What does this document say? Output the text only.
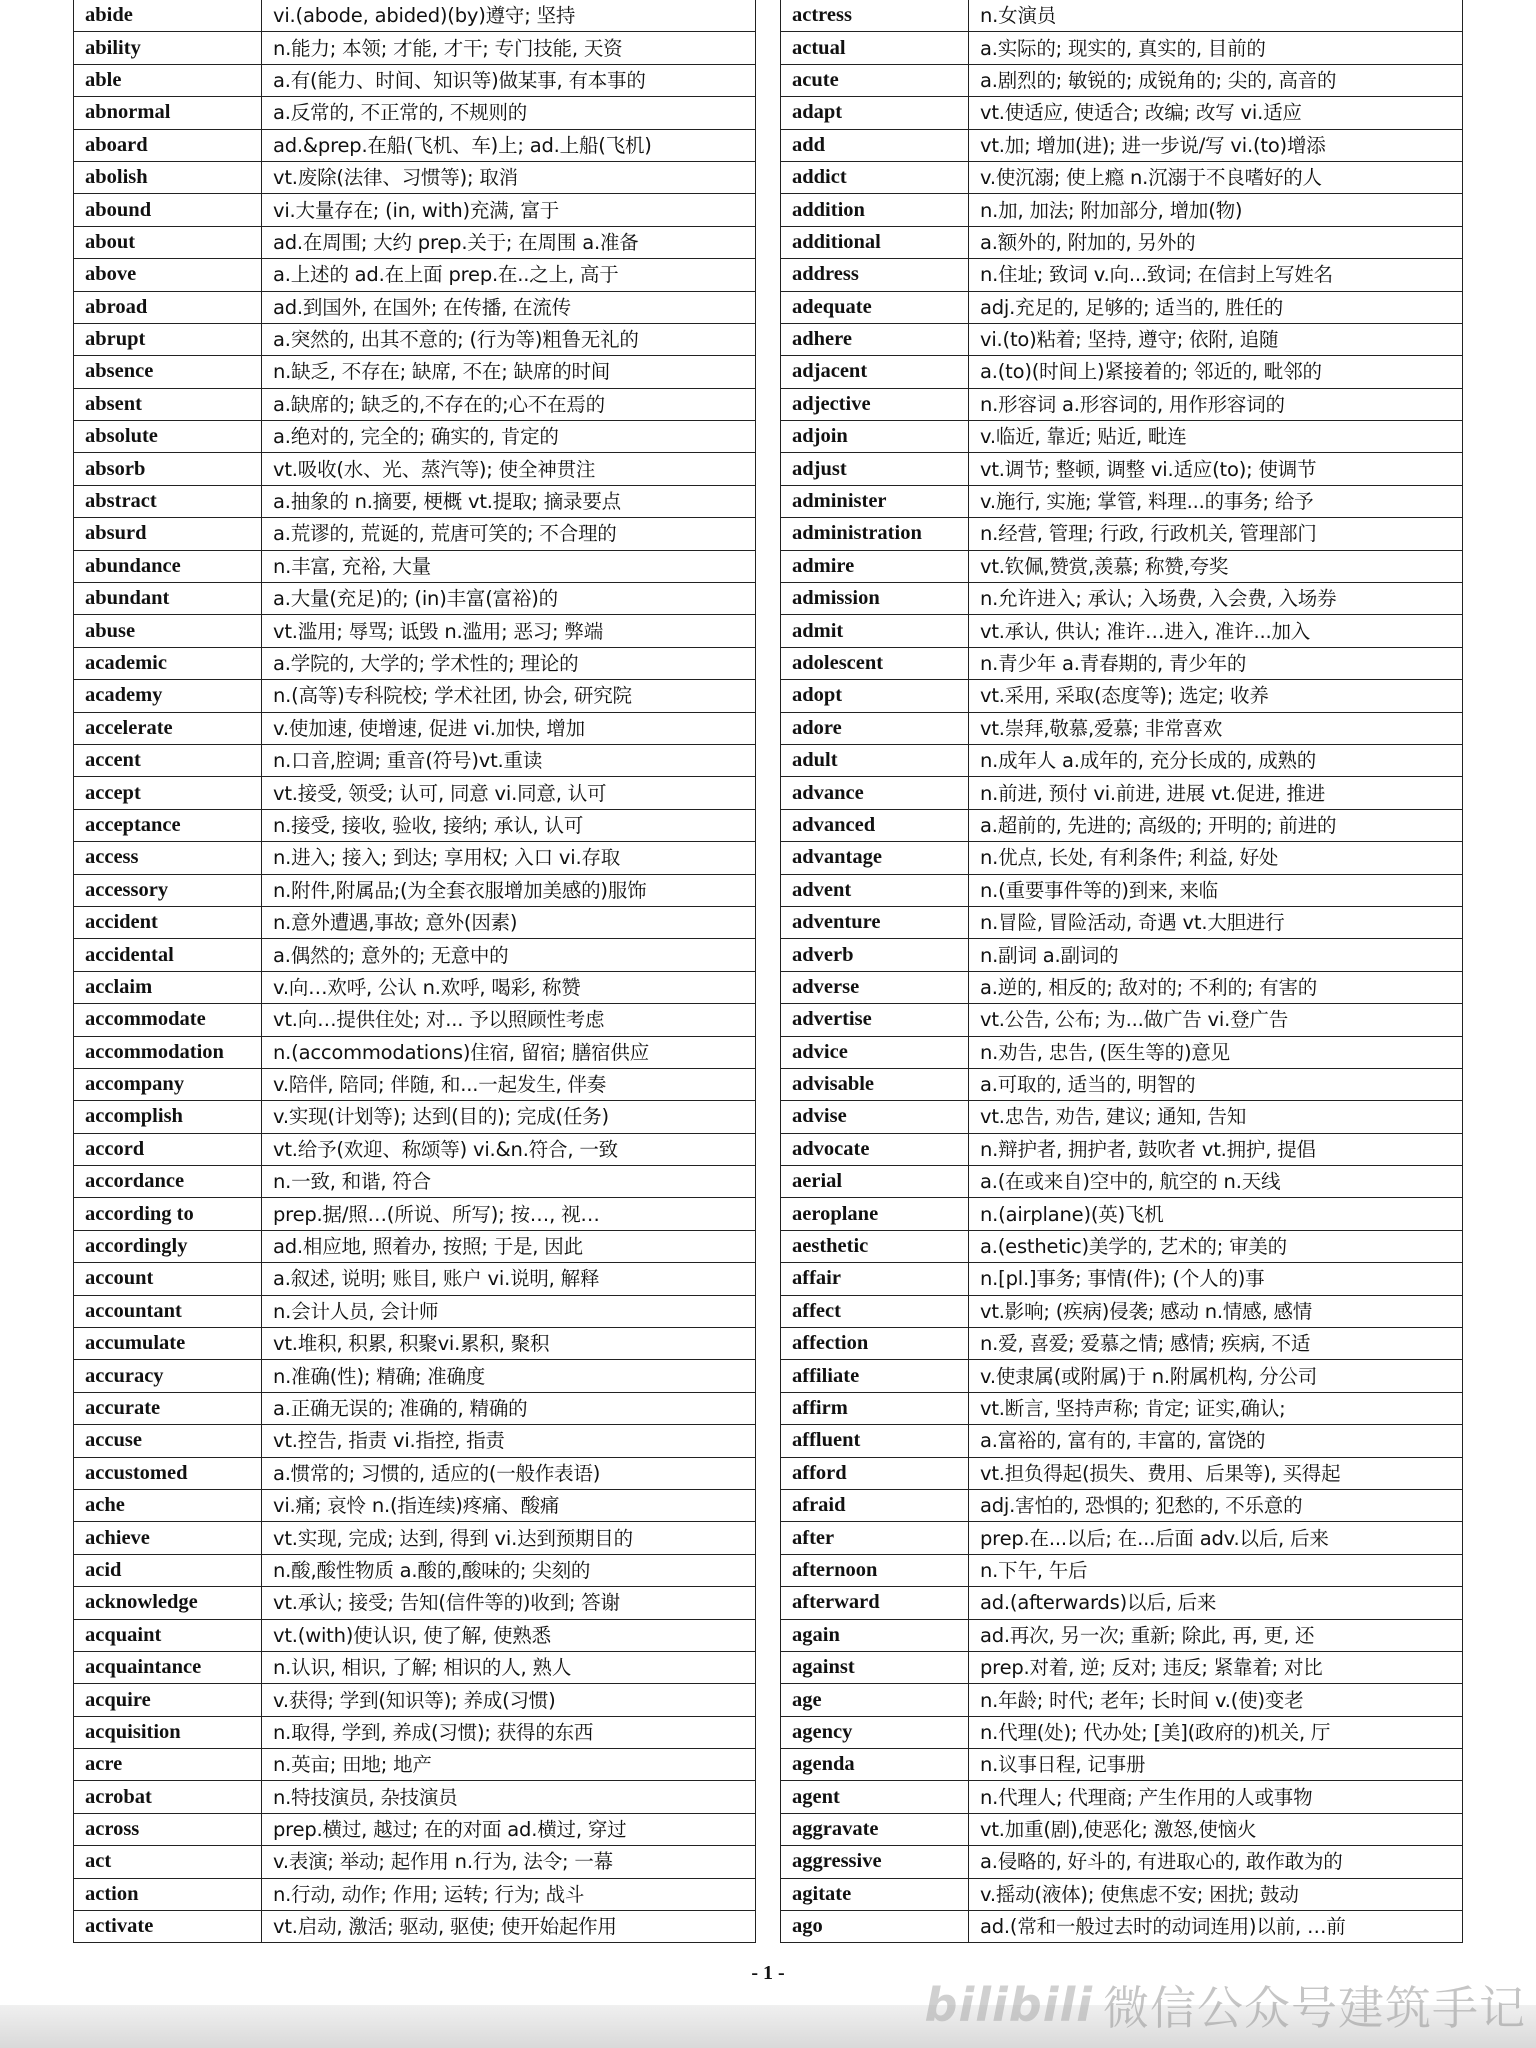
abide	vi.(abode, abided)(by)遵守; 坚持
ability	n.能力; 本领; 才能, 才干; 专门技能, 天资
able	a.有(能力、时间、知识等)做某事, 有本事的
abnormal	a.反常的, 不正常的, 不规则的
aboard	ad.&prep.在船(飞机、车)上; ad.上船(飞机)
abolish	vt.废除(法律、习惯等); 取消
abound	vi.大量存在; (in, with)充满, 富于
about	ad.在周围; 大约 prep.关于; 在周围 a.准备
above	a.上述的 ad.在上面 prep.在..之上, 高于
abroad	ad.到国外, 在国外; 在传播, 在流传
abrupt	a.突然的, 出其不意的; (行为等)粗鲁无礼的
absence	n.缺乏, 不存在; 缺席, 不在; 缺席的时间
absent	a.缺席的; 缺乏的,不存在的;心不在焉的
absolute	a.绝对的, 完全的; 确实的, 肯定的
absorb	vt.吸收(水、光、蒸汽等); 使全神贯注
abstract	a.抽象的 n.摘要, 梗概 vt.提取; 摘录要点
absurd	a.荒谬的, 荒诞的, 荒唐可笑的; 不合理的
abundance	n.丰富, 充裕, 大量
abundant	a.大量(充足)的; (in)丰富(富裕)的
abuse	vt.滥用; 辱骂; 诋毁 n.滥用; 恶习; 弊端
academic	a.学院的, 大学的; 学术性的; 理论的
academy	n.(高等)专科院校; 学术社团, 协会, 研究院
accelerate	v.使加速, 使增速, 促进 vi.加快, 增加
accent	n.口音,腔调; 重音(符号)vt.重读
accept	vt.接受, 领受; 认可, 同意 vi.同意, 认可
acceptance	n.接受, 接收, 验收, 接纳; 承认, 认可
access	n.进入; 接入; 到达; 享用权; 入口 vi.存取
accessory	n.附件,附属品;(为全套衣服增加美感的)服饰
accident	n.意外遭遇,事故; 意外(因素)
accidental	a.偶然的; 意外的; 无意中的
acclaim	v.向…欢呼, 公认 n.欢呼, 喝彩, 称赞
accommodate	vt.向…提供住处; 对... 予以照顾性考虑
accommodation	n.(accommodations)住宿, 留宿; 膳宿供应
accompany	v.陪伴, 陪同; 伴随, 和...一起发生, 伴奏
accomplish	v.实现(计划等); 达到(目的); 完成(任务)
accord	vt.给予(欢迎、称颂等) vi.&n.符合, 一致
accordance	n.一致, 和谐, 符合
according to	prep.据/照…(所说、所写); 按…, 视…
accordingly	ad.相应地, 照着办, 按照; 于是, 因此
account	a.叙述, 说明; 账目, 账户 vi.说明, 解释
accountant	n.会计人员, 会计师
accumulate	vt.堆积, 积累, 积聚vi.累积, 聚积
accuracy	n.准确(性); 精确; 准确度
accurate	a.正确无误的; 准确的, 精确的
accuse	vt.控告, 指责 vi.指控, 指责
accustomed	a.惯常的; 习惯的, 适应的(一般作表语)
ache	vi.痛; 哀怜 n.(指连续)疼痛、酸痛
achieve	vt.实现, 完成; 达到, 得到 vi.达到预期目的
acid	n.酸,酸性物质 a.酸的,酸味的; 尖刻的
acknowledge	vt.承认; 接受; 告知(信件等的)收到; 答谢
acquaint	vt.(with)使认识, 使了解, 使熟悉
acquaintance	n.认识, 相识, 了解; 相识的人, 熟人
acquire	v.获得; 学到(知识等); 养成(习惯)
acquisition	n.取得, 学到, 养成(习惯); 获得的东西
acre	n.英亩; 田地; 地产
acrobat	n.特技演员, 杂技演员
across	prep.横过, 越过; 在的对面 ad.横过, 穿过
act	v.表演; 举动; 起作用 n.行为, 法令; 一幕
action	n.行动, 动作; 作用; 运转; 行为; 战斗
activate	vt.启动, 激活; 驱动, 驱使; 使开始起作用
actress	n.女演员
actual	a.实际的; 现实的, 真实的, 目前的
acute	a.剧烈的; 敏锐的; 成锐角的; 尖的, 高音的
adapt	vt.使适应, 使适合; 改编; 改写 vi.适应
add	vt.加; 增加(进); 进一步说/写 vi.(to)增添
addict	v.使沉溺; 使上瘾 n.沉溺于不良嗜好的人
addition	n.加, 加法; 附加部分, 增加(物)
additional	a.额外的, 附加的, 另外的
address	n.住址; 致词 v.向...致词; 在信封上写姓名
adequate	adj.充足的, 足够的; 适当的, 胜任的
adhere	vi.(to)粘着; 坚持, 遵守; 依附, 追随
adjacent	a.(to)(时间上)紧接着的; 邻近的, 毗邻的
adjective	n.形容词 a.形容词的, 用作形容词的
adjoin	v.临近, 靠近; 贴近, 毗连
adjust	vt.调节; 整顿, 调整 vi.适应(to); 使调节
administer	v.施行, 实施; 掌管, 料理...的事务; 给予
administration	n.经营, 管理; 行政, 行政机关, 管理部门
admire	vt.钦佩,赞赏,羡慕; 称赞,夸奖
admission	n.允许进入; 承认; 入场费, 入会费, 入场券
admit	vt.承认, 供认; 准许…进入, 准许...加入
adolescent	n.青少年 a.青春期的, 青少年的
adopt	vt.采用, 采取(态度等); 选定; 收养
adore	vt.崇拜,敬慕,爱慕; 非常喜欢
adult	n.成年人 a.成年的, 充分长成的, 成熟的
advance	n.前进, 预付 vi.前进, 进展 vt.促进, 推进
advanced	a.超前的, 先进的; 高级的; 开明的; 前进的
advantage	n.优点, 长处, 有利条件; 利益, 好处
advent	n.(重要事件等的)到来, 来临
adventure	n.冒险, 冒险活动, 奇遇 vt.大胆进行
adverb	n.副词 a.副词的
adverse	a.逆的, 相反的; 敌对的; 不利的; 有害的
advertise	vt.公告, 公布; 为...做广告 vi.登广告
advice	n.劝告, 忠告, (医生等的)意见
advisable	a.可取的, 适当的, 明智的
advise	vt.忠告, 劝告, 建议; 通知, 告知
advocate	n.辩护者, 拥护者, 鼓吹者 vt.拥护, 提倡
aerial	a.(在或来自)空中的, 航空的 n.天线
aeroplane	n.(airplane)(英)飞机
aesthetic	a.(esthetic)美学的, 艺术的; 审美的
affair	n.[pl.]事务; 事情(件); (个人的)事
affect	vt.影响; (疾病)侵袭; 感动 n.情感, 感情
affection	n.爱, 喜爱; 爱慕之情; 感情; 疾病, 不适
affiliate	v.使隶属(或附属)于 n.附属机构, 分公司
affirm	vt.断言, 坚持声称; 肯定; 证实,确认;
affluent	a.富裕的, 富有的, 丰富的, 富饶的
afford	vt.担负得起(损失、费用、后果等), 买得起
afraid	adj.害怕的, 恐惧的; 犯愁的, 不乐意的
after	prep.在...以后; 在...后面 adv.以后, 后来
afternoon	n.下午, 午后
afterward	ad.(afterwards)以后, 后来
again	ad.再次, 另一次; 重新; 除此, 再, 更, 还
against	prep.对着, 逆; 反对; 违反; 紧靠着; 对比
age	n.年龄; 时代; 老年; 长时间 v.(使)变老
agency	n.代理(处); 代办处; [美](政府的)机关, 厅
agenda	n.议事日程, 记事册
agent	n.代理人; 代理商; 产生作用的人或事物
aggravate	vt.加重(剧),使恶化; 激怒,使恼火
aggressive	a.侵略的, 好斗的, 有进取心的, 敢作敢为的
agitate	v.摇动(液体); 使焦虑不安; 困扰; 鼓动
ago	ad.(常和一般过去时的动词连用)以前, …前
- 1 -
bilibili 微信公众号建筑手记
